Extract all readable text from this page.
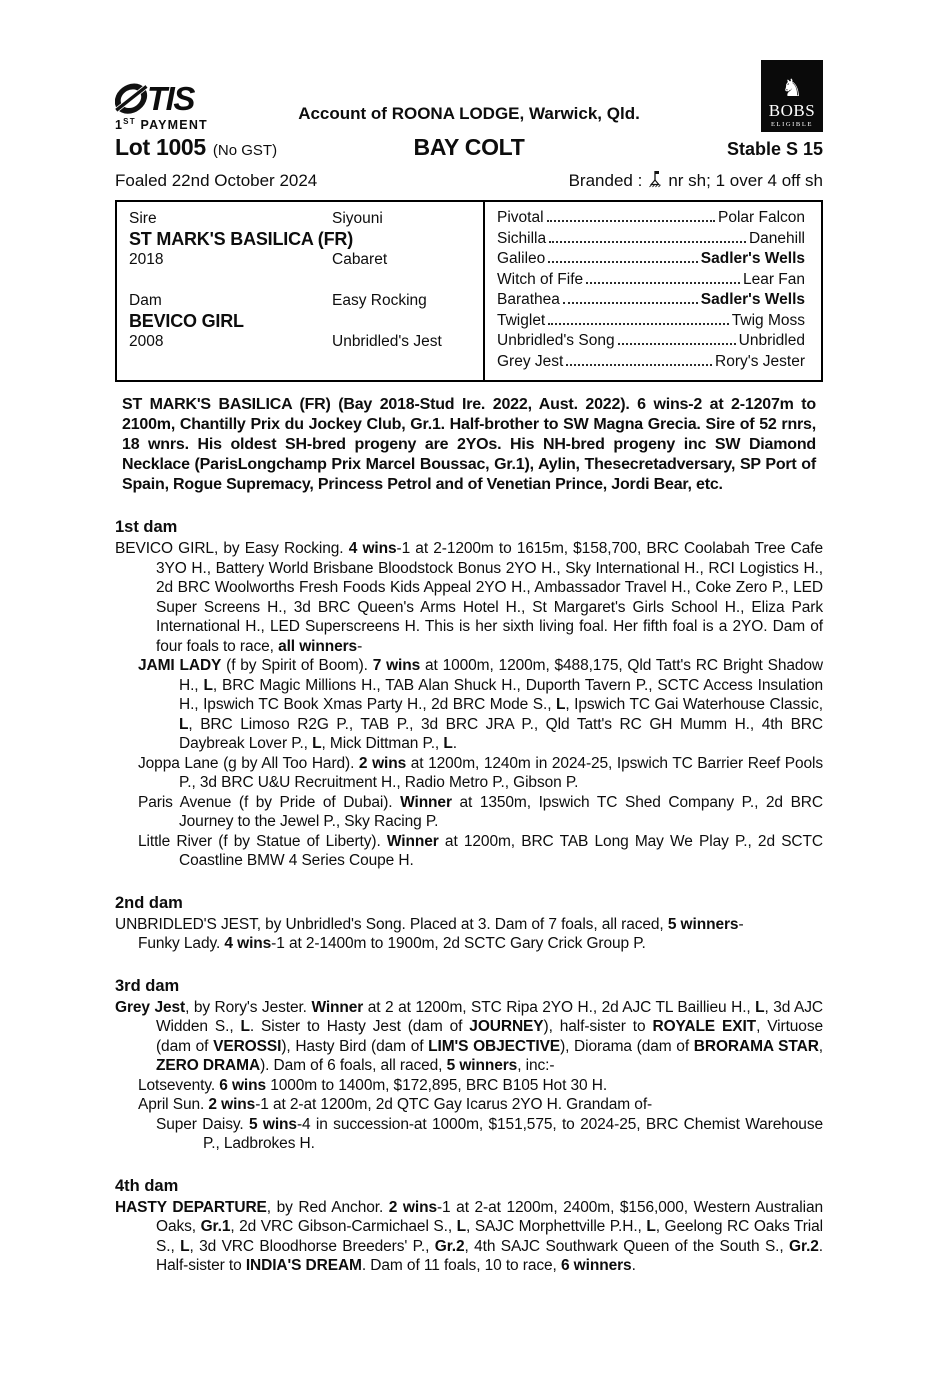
TIS
1ST PAYMENT
Account of ROONA LODGE, Warwick, Qld.
♞
BOBS
ELIGIBLE
Lot 1005 (No GST)	BAY COLT	Stable S 15
Foaled 22nd October 2024	Branded : nr sh; 1 over 4 off sh
Sire	Siyouni
ST MARK'S BASILICA (FR)
2018	Cabaret
Dam	Easy Rocking
BEVICO GIRL
2008	Unbridled's Jest
Pivotal	Polar Falcon
Sichilla	Danehill
Galileo	Sadler's Wells
Witch of Fife	Lear Fan
Barathea	Sadler's Wells
Twiglet	Twig Moss
Unbridled's Song	Unbridled
Grey Jest	Rory's Jester

ST MARK'S BASILICA (FR) (Bay 2018-Stud Ire. 2022, Aust. 2022). 6 wins-2 at 2-1207m to 2100m, Chantilly Prix du Jockey Club, Gr.1. Half-brother to SW Magna Grecia. Sire of 52 rnrs, 18 wnrs. His oldest SH-bred progeny are 2YOs. His NH-bred progeny inc SW Diamond Necklace (ParisLongchamp Prix Marcel Boussac, Gr.1), Aylin, Thesecretadversary, SP Port of Spain, Rogue Supremacy, Princess Petrol and of Venetian Prince, Jordi Bear, etc.

1st dam

BEVICO GIRL, by Easy Rocking. 4 wins-1 at 2-1200m to 1615m, $158,700, BRC Coolabah Tree Cafe 3YO H., Battery World Brisbane Bloodstock Bonus 2YO H., Sky International H., RCI Logistics H., 2d BRC Woolworths Fresh Foods Kids Appeal 2YO H., Ambassador Travel H., Coke Zero P., LED Super Screens H., 3d BRC Queen's Arms Hotel H., St Margaret's Girls School H., Eliza Park International H., LED Superscreens H. This is her sixth living foal. Her fifth foal is a 2YO. Dam of four foals to race, all winners-

JAMI LADY (f by Spirit of Boom). 7 wins at 1000m, 1200m, $488,175, Qld Tatt's RC Bright Shadow H., L, BRC Magic Millions H., TAB Alan Shuck H., Duporth Tavern P., SCTC Access Insulation H., Ipswich TC Book Xmas Party H., 2d BRC Mode S., L, Ipswich TC Gai Waterhouse Classic, L, BRC Limoso R2G P., TAB P., 3d BRC JRA P., Qld Tatt's RC GH Mumm H., 4th BRC Daybreak Lover P., L, Mick Dittman P., L.

Joppa Lane (g by All Too Hard). 2 wins at 1200m, 1240m in 2024-25, Ipswich TC Barrier Reef Pools P., 3d BRC U&U Recruitment H., Radio Metro P., Gibson P.

Paris Avenue (f by Pride of Dubai). Winner at 1350m, Ipswich TC Shed Company P., 2d BRC Journey to the Jewel P., Sky Racing P.

Little River (f by Statue of Liberty). Winner at 1200m, BRC TAB Long May We Play P., 2d SCTC Coastline BMW 4 Series Coupe H.

2nd dam

UNBRIDLED'S JEST, by Unbridled's Song. Placed at 3. Dam of 7 foals, all raced, 5 winners-

Funky Lady. 4 wins-1 at 2-1400m to 1900m, 2d SCTC Gary Crick Group P.

3rd dam

Grey Jest, by Rory's Jester. Winner at 2 at 1200m, STC Ripa 2YO H., 2d AJC TL Baillieu H., L, 3d AJC Widden S., L. Sister to Hasty Jest (dam of JOURNEY), half-sister to ROYALE EXIT, Virtuose (dam of VEROSSI), Hasty Bird (dam of LIM'S OBJECTIVE), Diorama (dam of BRORAMA STAR, ZERO DRAMA). Dam of 6 foals, all raced, 5 winners, inc:-

Lotseventy. 6 wins 1000m to 1400m, $172,895, BRC B105 Hot 30 H.

April Sun. 2 wins-1 at 2-at 1200m, 2d QTC Gay Icarus 2YO H. Grandam of-

Super Daisy. 5 wins-4 in succession-at 1000m, $151,575, to 2024-25, BRC Chemist Warehouse P., Ladbrokes H.

4th dam

HASTY DEPARTURE, by Red Anchor. 2 wins-1 at 2-at 1200m, 2400m, $156,000, Western Australian Oaks, Gr.1, 2d VRC Gibson-Carmichael S., L, SAJC Morphettville P.H., L, Geelong RC Oaks Trial S., L, 3d VRC Bloodhorse Breeders' P., Gr.2, 4th SAJC Southwark Queen of the South S., Gr.2. Half-sister to INDIA'S DREAM. Dam of 11 foals, 10 to race, 6 winners.
